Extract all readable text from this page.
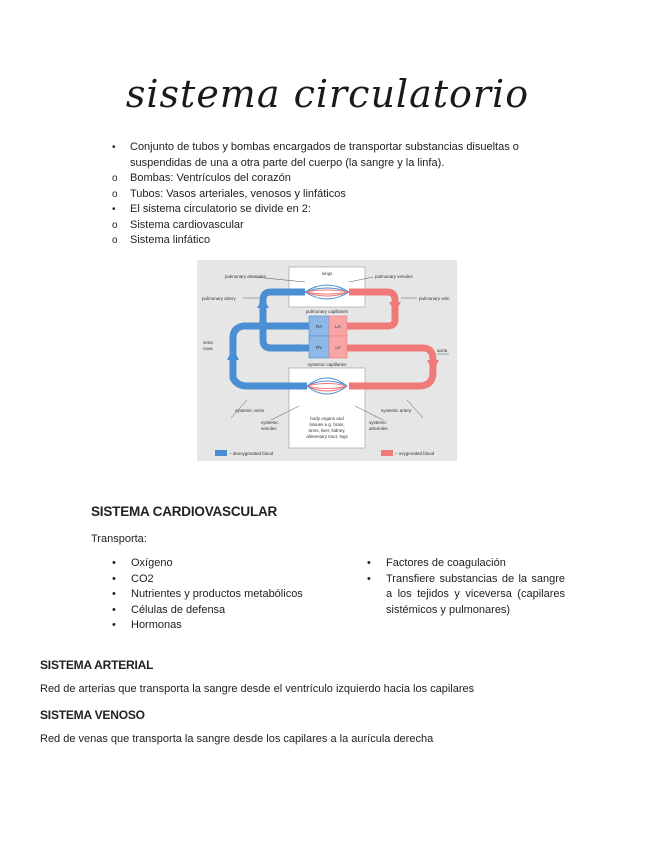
sistema circulatorio
• Conjunto de tubos y bombas encargados de transportar substancias disueltas o suspendidas de una a otra parte del cuerpo (la sangre y la linfa).
o Bombas: Ventrículos del corazón
o Tubos: Vasos arteriales, venosos y linfáticos
• El sistema circulatorio se divide en 2:
o Sistema cardiovascular
o Sistema linfático
lungs
pulmonary arterioles	pulmonary venules
pulmonary artery	pulmonary vein
pulmonary capillaries
systemic capillaries
vena
cava	aorta
RA	LA
RV	LV
systemic veins	systemic artery
systemic
venules
systemic
arterioles
body organs and
tissues e.g. brain,
arms, liver, kidney,
alimentary tract, legs
– deoxygenated blood	– oxygenated blood
SISTEMA CARDIOVASCULAR
Transporta:
• Oxígeno
• CO2
• Nutrientes y productos metabólicos
• Células de defensa
• Hormonas
• Factores de coagulación
• Transfiere substancias de la sangre a los tejidos y viceversa (capilares sistémicos y pulmonares)
SISTEMA ARTERIAL
Red de arterias que transporta la sangre desde el ventrículo izquierdo hacia los capilares
SISTEMA VENOSO
Red de venas que transporta la sangre desde los capilares a la aurícula derecha
